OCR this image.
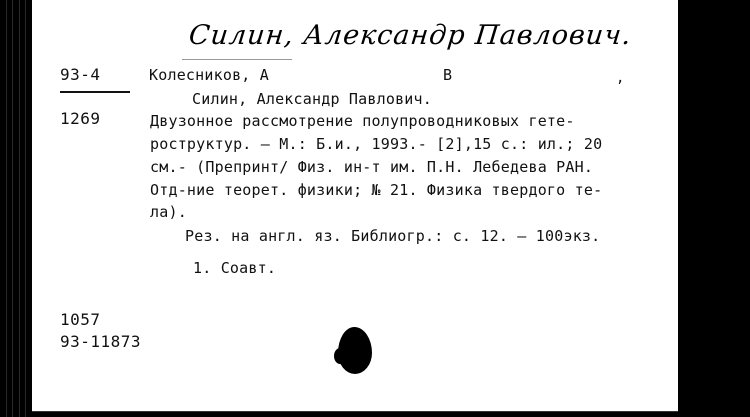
Силин, Александр Павлович.
93-4	Колесников, А	В	,
Силин, Александр Павлович.
1269	Двузонное рассмотрение полупроводниковых гете-
роструктур. – М.: Б.и., 1993.- [2],15 с.: ил.; 20
см.- (Препринт/ Физ. ин-т им. П.Н. Лебедева РАН.
Отд-ние теорет. физики; № 21. Физика твердого те-
ла).
Рез. на англ. яз. Библиогр.: с. 12. – 100экз.
1. Соавт.
1057
93-11873
